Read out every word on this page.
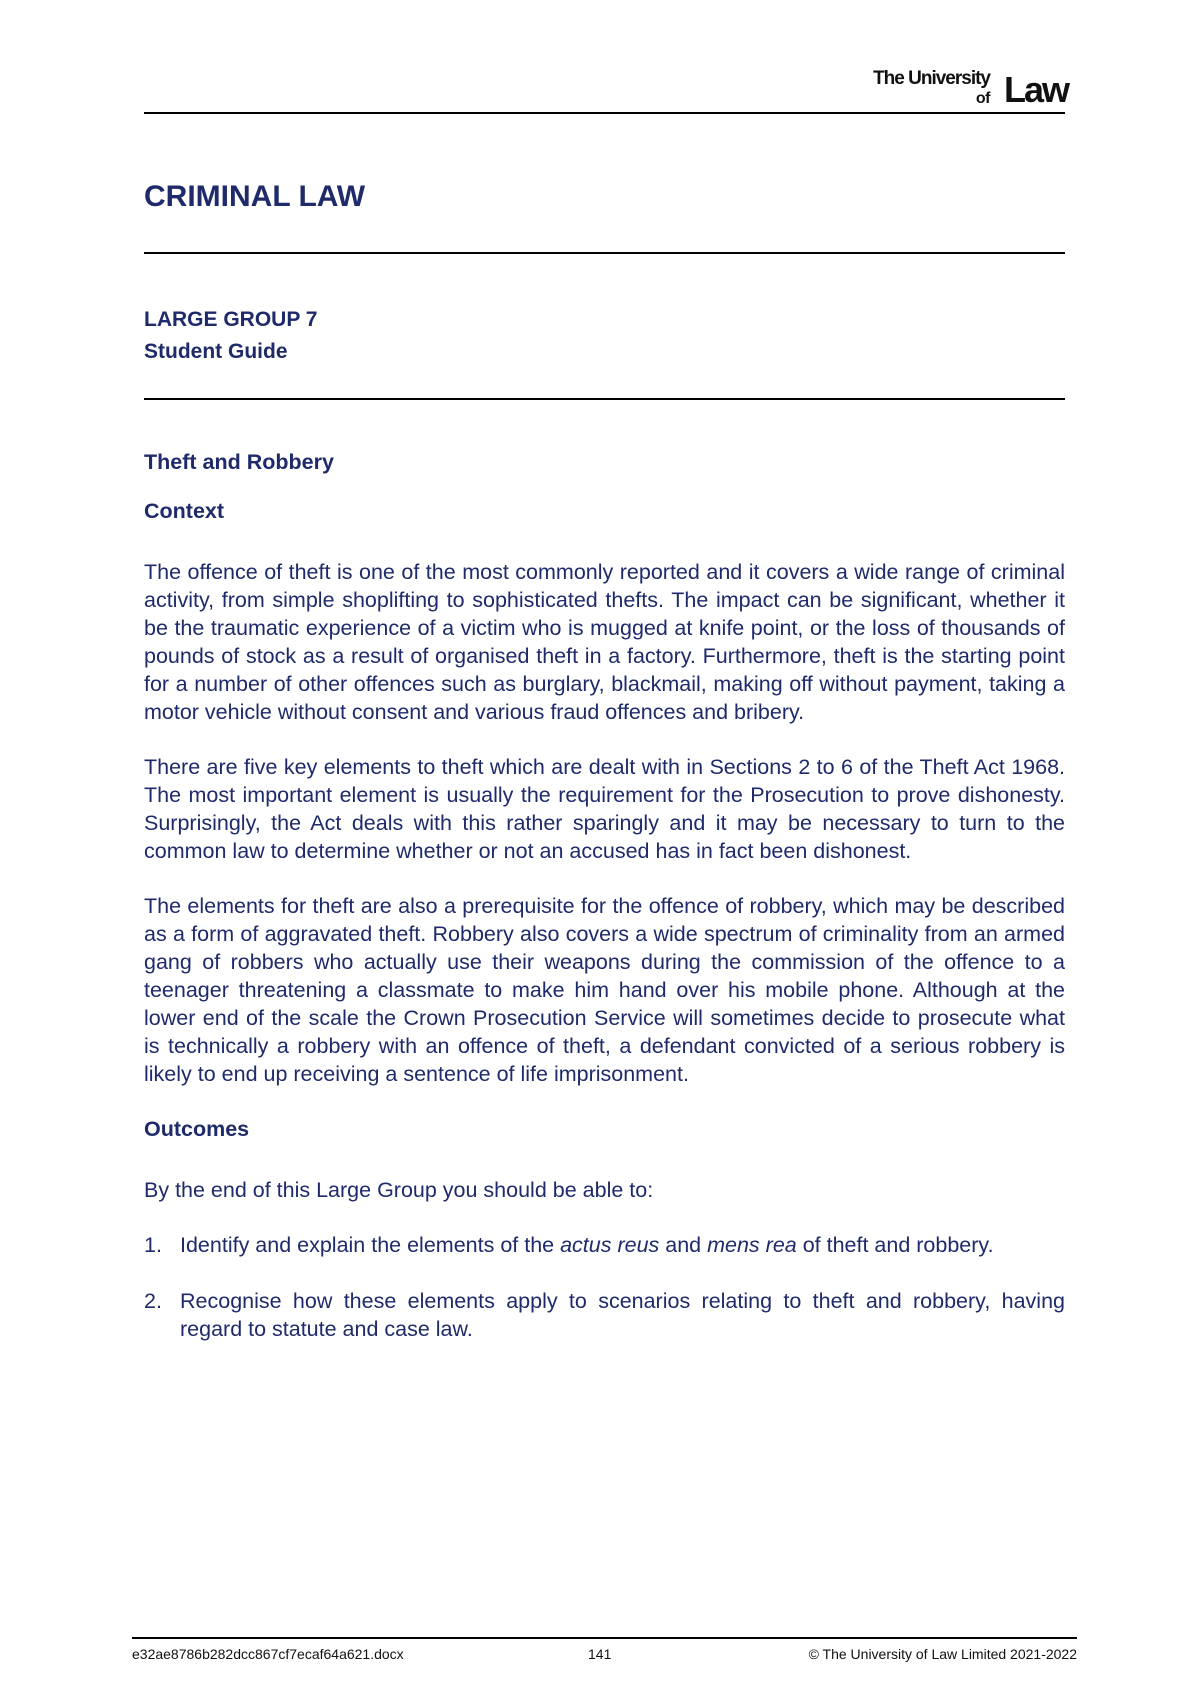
The University
of Law
CRIMINAL LAW
LARGE GROUP 7
Student Guide

Theft and Robbery

Context

The offence of theft is one of the most commonly reported and it covers a wide range of criminal activity, from simple shoplifting to sophisticated thefts. The impact can be significant, whether it be the traumatic experience of a victim who is mugged at knife point, or the loss of thousands of pounds of stock as a result of organised theft in a factory. Furthermore, theft is the starting point for a number of other offences such as burglary, blackmail, making off without payment, taking a motor vehicle without consent and various fraud offences and bribery.

There are five key elements to theft which are dealt with in Sections 2 to 6 of the Theft Act 1968. The most important element is usually the requirement for the Prosecution to prove dishonesty. Surprisingly, the Act deals with this rather sparingly and it may be necessary to turn to the common law to determine whether or not an accused has in fact been dishonest.

The elements for theft are also a prerequisite for the offence of robbery, which may be described as a form of aggravated theft. Robbery also covers a wide spectrum of criminality from an armed gang of robbers who actually use their weapons during the commission of the offence to a teenager threatening a classmate to make him hand over his mobile phone. Although at the lower end of the scale the Crown Prosecution Service will sometimes decide to prosecute what is technically a robbery with an offence of theft, a defendant convicted of a serious robbery is likely to end up receiving a sentence of life imprisonment.

Outcomes

By the end of this Large Group you should be able to:

1. Identify and explain the elements of the actus reus and mens rea of theft and robbery.
2. Recognise how these elements apply to scenarios relating to theft and robbery, having regard to statute and case law.
e32ae8786b282dcc867cf7ecaf64a621.docx	141	© The University of Law Limited 2021-2022
